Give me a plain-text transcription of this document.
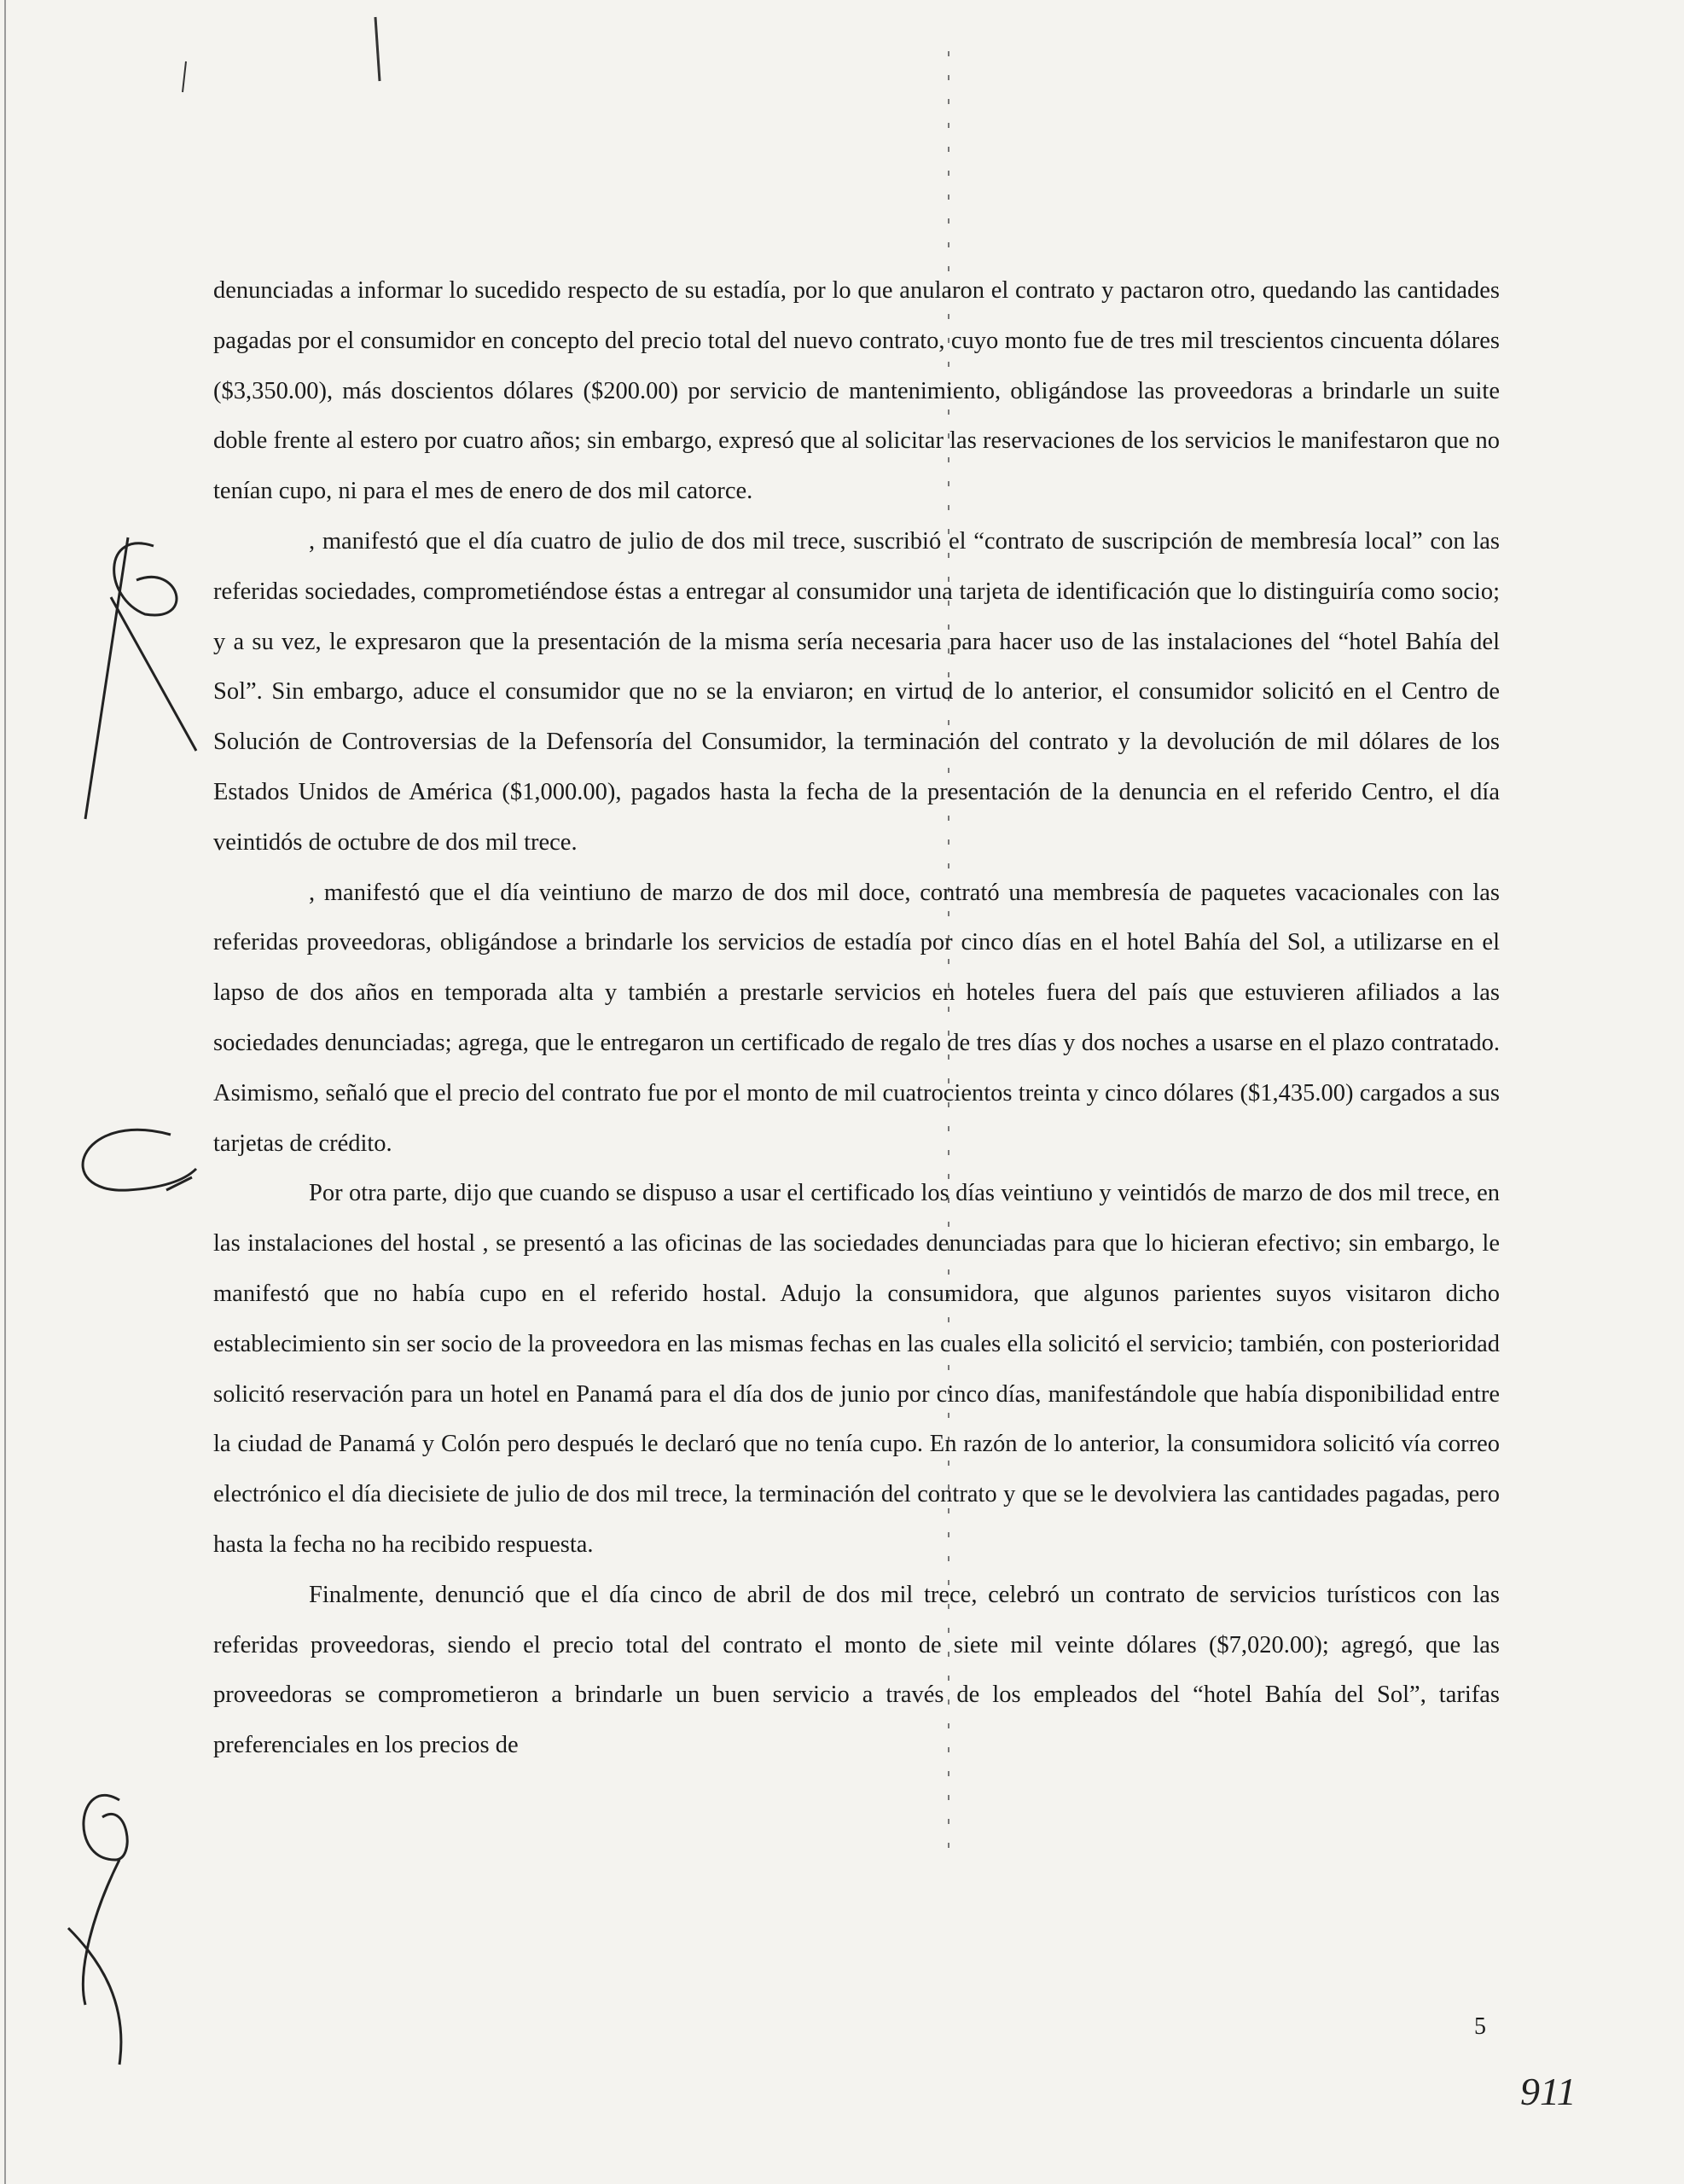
denunciadas a informar lo sucedido respecto de su estadía, por lo que anularon el contrato y pactaron otro, quedando las cantidades pagadas por el consumidor en concepto del precio total del nuevo contrato, cuyo monto fue de tres mil trescientos cincuenta dólares ($3,350.00), más doscientos dólares ($200.00) por servicio de mantenimiento, obligándose las proveedoras a brindarle un suite doble frente al estero por cuatro años; sin embargo, expresó que al solicitar las reservaciones de los servicios le manifestaron que no tenían cupo, ni para el mes de enero de dos mil catorce.

, manifestó que el día cuatro de julio de dos mil trece, suscribió el “contrato de suscripción de membresía local” con las referidas sociedades, comprometiéndose éstas a entregar al consumidor una tarjeta de identificación que lo distinguiría como socio; y a su vez, le expresaron que la presentación de la misma sería necesaria para hacer uso de las instalaciones del “hotel Bahía del Sol”. Sin embargo, aduce el consumidor que no se la enviaron; en virtud de lo anterior, el consumidor solicitó en el Centro de Solución de Controversias de la Defensoría del Consumidor, la terminación del contrato y la devolución de mil dólares de los Estados Unidos de América ($1,000.00), pagados hasta la fecha de la presentación de la denuncia en el referido Centro, el día veintidós de octubre de dos mil trece.

, manifestó que el día veintiuno de marzo de dos mil doce, contrató una membresía de paquetes vacacionales con las referidas proveedoras, obligándose a brindarle los servicios de estadía por cinco días en el hotel Bahía del Sol, a utilizarse en el lapso de dos años en temporada alta y también a prestarle servicios en hoteles fuera del país que estuvieren afiliados a las sociedades denunciadas; agrega, que le entregaron un certificado de regalo de tres días y dos noches a usarse en el plazo contratado. Asimismo, señaló que el precio del contrato fue por el monto de mil cuatrocientos treinta y cinco dólares ($1,435.00) cargados a sus tarjetas de crédito.

Por otra parte, dijo que cuando se dispuso a usar el certificado los días veintiuno y veintidós de marzo de dos mil trece, en las instalaciones del hostal , se presentó a las oficinas de las sociedades denunciadas para que lo hicieran efectivo; sin embargo, le manifestó que no había cupo en el referido hostal. Adujo la consumidora, que algunos parientes suyos visitaron dicho establecimiento sin ser socio de la proveedora en las mismas fechas en las cuales ella solicitó el servicio; también, con posterioridad solicitó reservación para un hotel en Panamá para el día dos de junio por cinco días, manifestándole que había disponibilidad entre la ciudad de Panamá y Colón pero después le declaró que no tenía cupo. En razón de lo anterior, la consumidora solicitó vía correo electrónico el día diecisiete de julio de dos mil trece, la terminación del contrato y que se le devolviera las cantidades pagadas, pero hasta la fecha no ha recibido respuesta.

Finalmente, denunció que el día cinco de abril de dos mil trece, celebró un contrato de servicios turísticos con las referidas proveedoras, siendo el precio total del contrato el monto de siete mil veinte dólares ($7,020.00); agregó, que las proveedoras se comprometieron a brindarle un buen servicio a través de los empleados del “hotel Bahía del Sol”, tarifas preferenciales en los precios de

5
911
